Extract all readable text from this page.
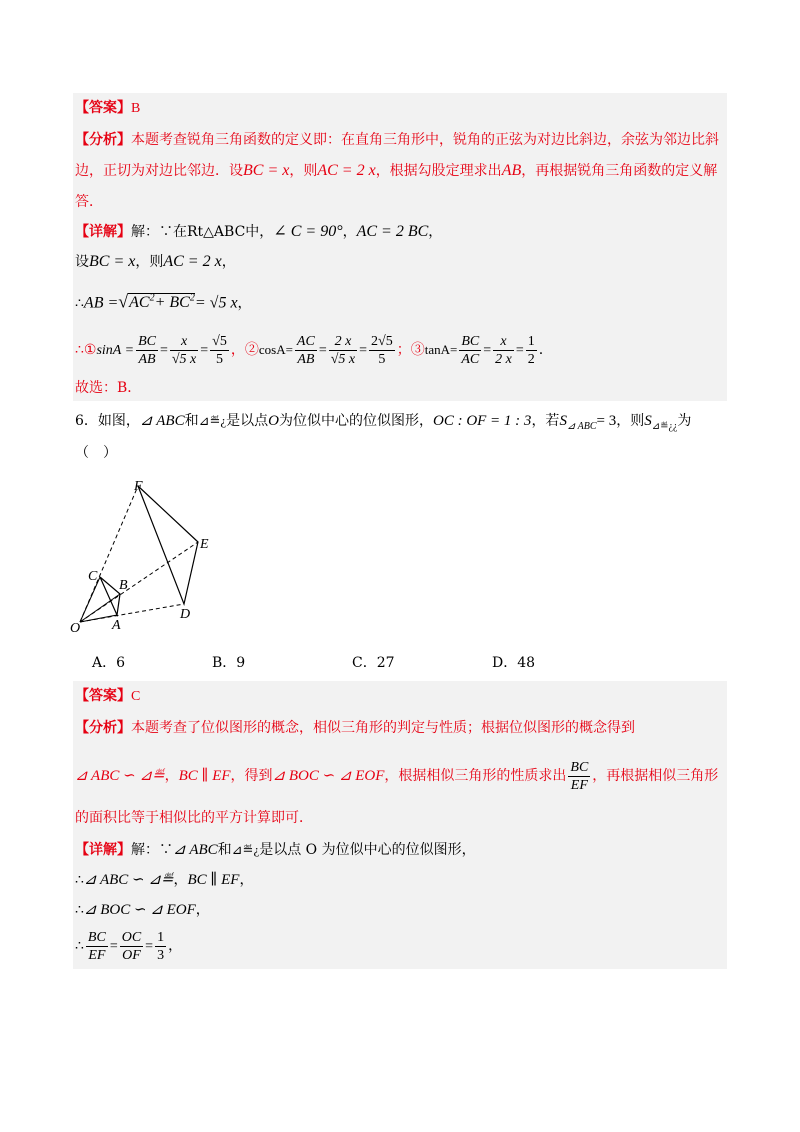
【答案】B
【分析】本题考查锐角三角函数的定义即：在直角三角形中，锐角的正弦为对边比斜边，余弦为邻边比斜
边，正切为对边比邻边．设BC = x，则AC = 2 x，根据勾股定理求出AB，再根据锐角三角函数的定义解
答．
【详解】解：∵在Rt△ABC中，∠ C = 90°，AC = 2 BC，
设BC = x，则AC = 2 x，
∴AB $=√AC^2+ BC^2= √5$ x，
∴①sinA = $\frac{BC}{AB} = \frac{x}{√5 x} = \frac{√5}{5}$ ，②cosA= $\frac{AC}{AB} = \frac{2 x}{√5 x} = \frac{2√5}{5}$ ；③tanA= $\frac{BC}{AC} = \frac{x}{2 x} = \frac{1}{2}$ .
故选：B．
6．如图，⊿ ABC和⊿≝¿是以点O为位似中心的位似图形，OC : OF = 1 : 3，若$S_{⊿ ABC}= 3$，则$S_{⊿≝¿¿}$为
（　）
F
E
C
B
O A
D
A．6	B．9	C．27	D．48
【答案】C
【分析】本题考查了位似图形的概念，相似三角形的判定与性质；根据位似图形的概念得到
⊿ ABC ∽ ⊿≝，BC ∥ EF，得到⊿ BOC ∽ ⊿ EOF，根据相似三角形的性质求出 $\frac{BC}{EF}$ ，再根据相似三角形
的面积比等于相似比的平方计算即可．
【详解】解：∵⊿ ABC和⊿≝¿是以点 O 为位似中心的位似图形，
∴⊿ ABC ∽ ⊿≝，BC ∥ EF，
∴⊿ BOC ∽ ⊿ EOF，
∴ $\frac{BC}{EF} = \frac{OC}{OF} = \frac{1}{3}$ ，
